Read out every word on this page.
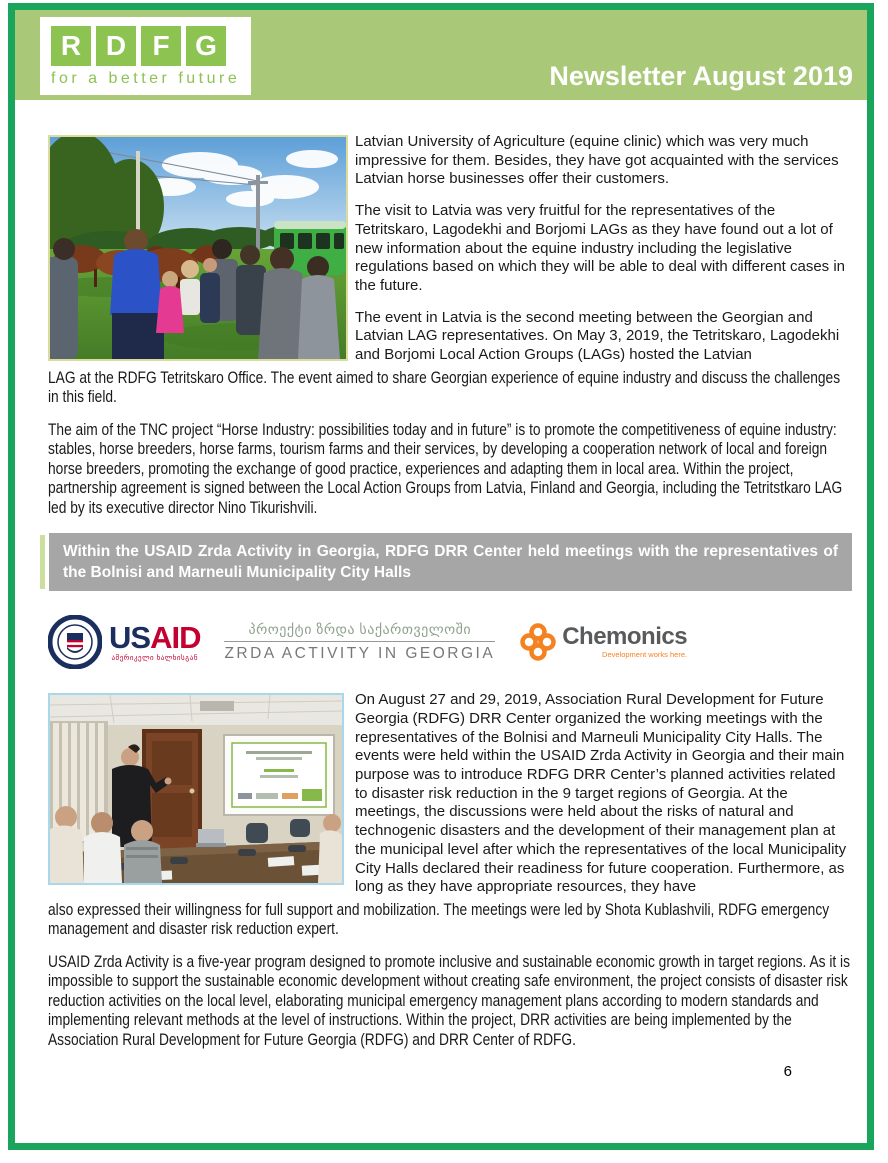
R D F G
for a better future	Newsletter August 2019

Latvian University of Agriculture (equine clinic) which was very much impressive for them. Besides, they have got acquainted with the services Latvian horse businesses offer their customers.

The visit to Latvia was very fruitful for the representatives of the Tetritskaro, Lagodekhi and Borjomi LAGs as they have found out a lot of new information about the equine industry including the legislative regulations based on which they will be able to deal with different cases in the future.

The event in Latvia is the second meeting between the Georgian and Latvian LAG representatives. On May 3, 2019, the Tetritskaro, Lagodekhi and Borjomi Local Action Groups (LAGs) hosted the Latvian

LAG at the RDFG Tetritskaro Office. The event aimed to share Georgian experience of equine industry and discuss the challenges in this field.

The aim of the TNC project “Horse Industry: possibilities today and in future” is to promote the competitiveness of equine industry: stables, horse breeders, horse farms, tourism farms and their services, by developing a cooperation network of local and foreign horse breeders, promoting the exchange of good practice, experiences and adapting them in local area. Within the project, partnership agreement is signed between the Local Action Groups from Latvia, Finland and Georgia, including the Tetritstkaro LAG led by its executive director Nino Tikurishvili.

Within the USAID Zrda Activity in Georgia, RDFG DRR Center held meetings with the representatives of the Bolnisi and Marneuli Municipality City Halls
USAID
ამერიკელი ხალხისგან
პროექტი ზრდა საქართველოში
ZRDA ACTIVITY IN GEORGIA
Chemonics
Development works here.

On August 27 and 29, 2019, Association Rural Development for Future Georgia (RDFG) DRR Center organized the working meetings with the representatives of the Bolnisi and Marneuli Municipality City Halls. The events were held within the USAID Zrda Activity in Georgia and their main purpose was to introduce RDFG DRR Center’s planned activities related to disaster risk reduction in the 9 target regions of Georgia. At the meetings, the discussions were held about the risks of natural and technogenic disasters and the development of their management plan at the municipal level after which the representatives of the local Municipality City Halls declared their readiness for future cooperation. Furthermore, as long as they have appropriate resources, they have

also expressed their willingness for full support and mobilization. The meetings were led by Shota Kublashvili, RDFG emergency management and disaster risk reduction expert.

USAID Zrda Activity is a five-year program designed to promote inclusive and sustainable economic growth in target regions. As it is impossible to support the sustainable economic development without creating safe environment, the project consists of disaster risk reduction activities on the local level, elaborating municipal emergency management plans according to modern standards and implementing relevant methods at the level of instructions. Within the project, DRR activities are being implemented by the Association Rural Development for Future Georgia (RDFG) and DRR Center of RDFG.

6
